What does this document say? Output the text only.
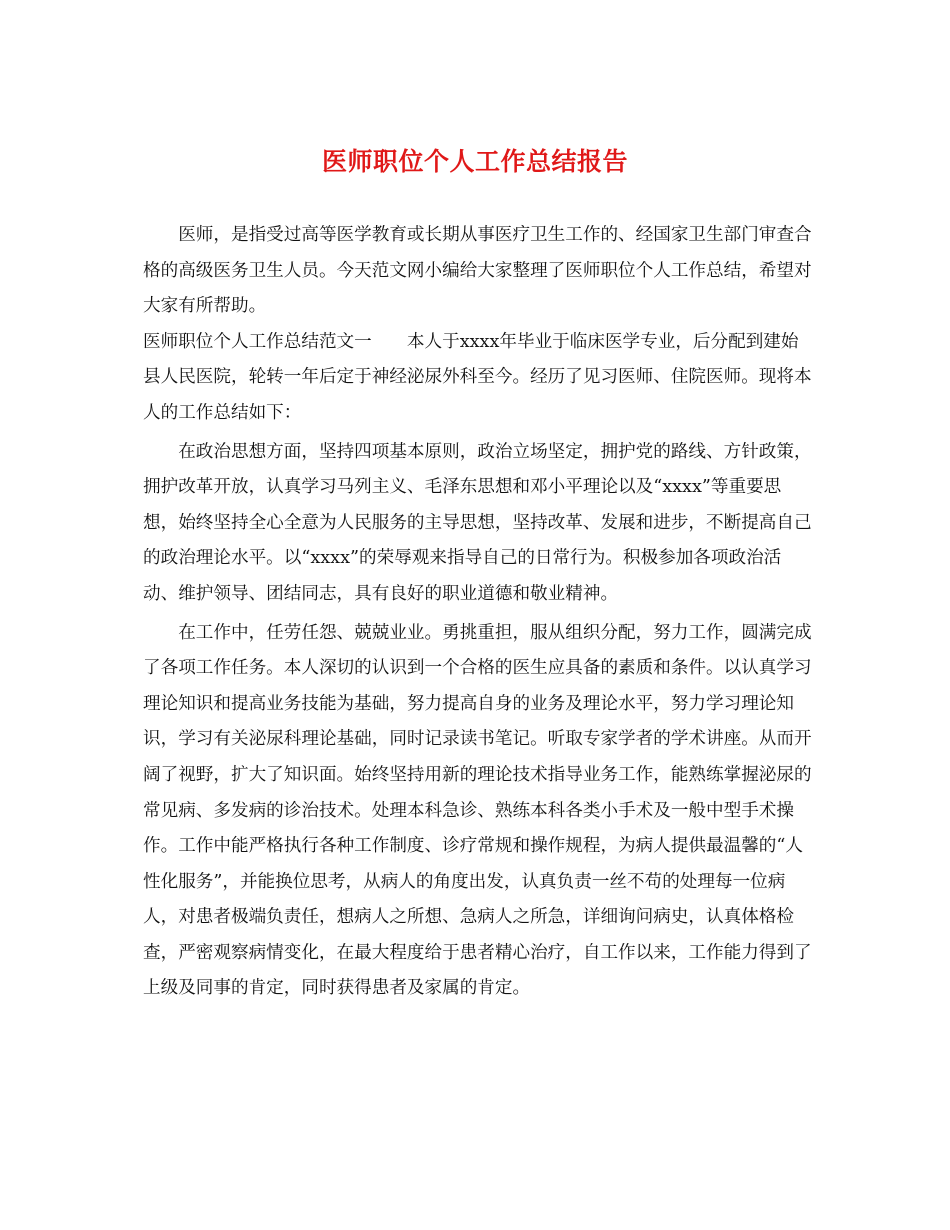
医师职位个人工作总结报告

医师，是指受过高等医学教育或长期从事医疗卫生工作的、经国家卫生部门审查合格的高级医务卫生人员。今天范文网小编给大家整理了医师职位个人工作总结，希望对大家有所帮助。

医师职位个人工作总结范文一　　本人于xxxx年毕业于临床医学专业，后分配到建始县人民医院，轮转一年后定于神经泌尿外科至今。经历了见习医师、住院医师。现将本人的工作总结如下：

在政治思想方面，坚持四项基本原则，政治立场坚定，拥护党的路线、方针政策，拥护改革开放，认真学习马列主义、毛泽东思想和邓小平理论以及“xxxx”等重要思想，始终坚持全心全意为人民服务的主导思想，坚持改革、发展和进步，不断提高自己的政治理论水平。以“xxxx”的荣辱观来指导自己的日常行为。积极参加各项政治活动、维护领导、团结同志，具有良好的职业道德和敬业精神。

在工作中，任劳任怨、兢兢业业。勇挑重担，服从组织分配，努力工作，圆满完成了各项工作任务。本人深切的认识到一个合格的医生应具备的素质和条件。以认真学习理论知识和提高业务技能为基础，努力提高自身的业务及理论水平，努力学习理论知识，学习有关泌尿科理论基础，同时记录读书笔记。听取专家学者的学术讲座。从而开阔了视野，扩大了知识面。始终坚持用新的理论技术指导业务工作，能熟练掌握泌尿的常见病、多发病的诊治技术。处理本科急诊、熟练本科各类小手术及一般中型手术操作。工作中能严格执行各种工作制度、诊疗常规和操作规程，为病人提供最温馨的“人性化服务”，并能换位思考，从病人的角度出发，认真负责一丝不苟的处理每一位病人，对患者极端负责任，想病人之所想、急病人之所急，详细询问病史，认真体格检查，严密观察病情变化，在最大程度给于患者精心治疗，自工作以来，工作能力得到了上级及同事的肯定，同时获得患者及家属的肯定。
